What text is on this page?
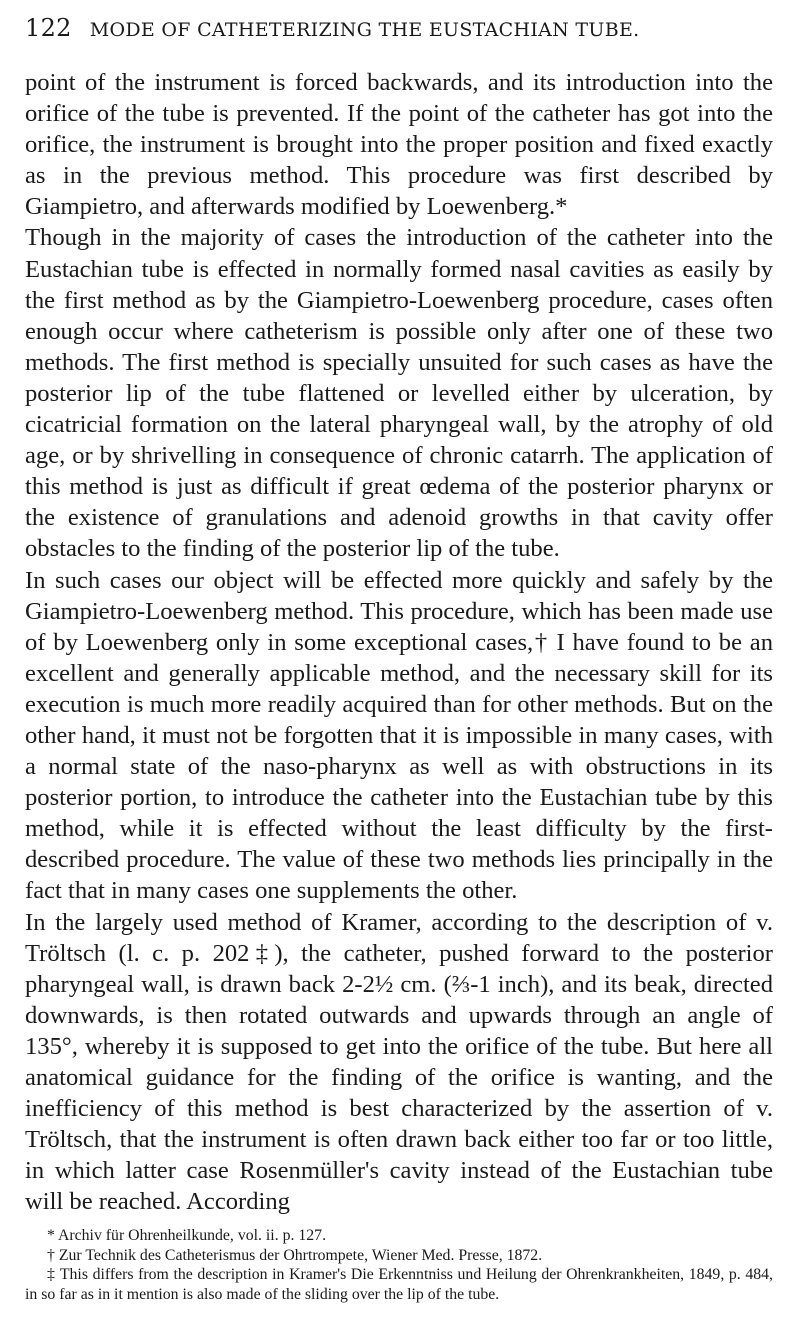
122 MODE OF CATHETERIZING THE EUSTACHIAN TUBE.

point of the instrument is forced backwards, and its introduction into the orifice of the tube is prevented. If the point of the catheter has got into the orifice, the instrument is brought into the proper position and fixed exactly as in the previous method. This procedure was first described by Giampietro, and afterwards modified by Loewenberg.*

Though in the majority of cases the introduction of the catheter into the Eustachian tube is effected in normally formed nasal cavities as easily by the first method as by the Giampietro-Loewenberg procedure, cases often enough occur where catheterism is possible only after one of these two methods. The first method is specially unsuited for such cases as have the posterior lip of the tube flattened or levelled either by ulceration, by cicatricial formation on the lateral pharyngeal wall, by the atrophy of old age, or by shrivelling in consequence of chronic catarrh. The application of this method is just as difficult if great œdema of the posterior pharynx or the existence of granulations and adenoid growths in that cavity offer obstacles to the finding of the posterior lip of the tube.

In such cases our object will be effected more quickly and safely by the Giampietro-Loewenberg method. This procedure, which has been made use of by Loewenberg only in some exceptional cases,† I have found to be an excellent and generally applicable method, and the necessary skill for its execution is much more readily acquired than for other methods. But on the other hand, it must not be forgotten that it is impossible in many cases, with a normal state of the naso-pharynx as well as with obstructions in its posterior portion, to introduce the catheter into the Eustachian tube by this method, while it is effected without the least difficulty by the first-described procedure. The value of these two methods lies principally in the fact that in many cases one supplements the other.

In the largely used method of Kramer, according to the description of v. Tröltsch (l. c. p. 202‡), the catheter, pushed forward to the posterior pharyngeal wall, is drawn back 2-2½ cm. (⅔-1 inch), and its beak, directed downwards, is then rotated outwards and upwards through an angle of 135°, whereby it is supposed to get into the orifice of the tube. But here all anatomical guidance for the finding of the orifice is wanting, and the inefficiency of this method is best characterized by the assertion of v. Tröltsch, that the instrument is often drawn back either too far or too little, in which latter case Rosenmüller's cavity instead of the Eustachian tube will be reached. According

* Archiv für Ohrenheilkunde, vol. ii. p. 127.

† Zur Technik des Catheterismus der Ohrtrompete, Wiener Med. Presse, 1872.

‡ This differs from the description in Kramer's Die Erkenntniss und Heilung der Ohrenkrankheiten, 1849, p. 484, in so far as in it mention is also made of the sliding over the lip of the tube.
